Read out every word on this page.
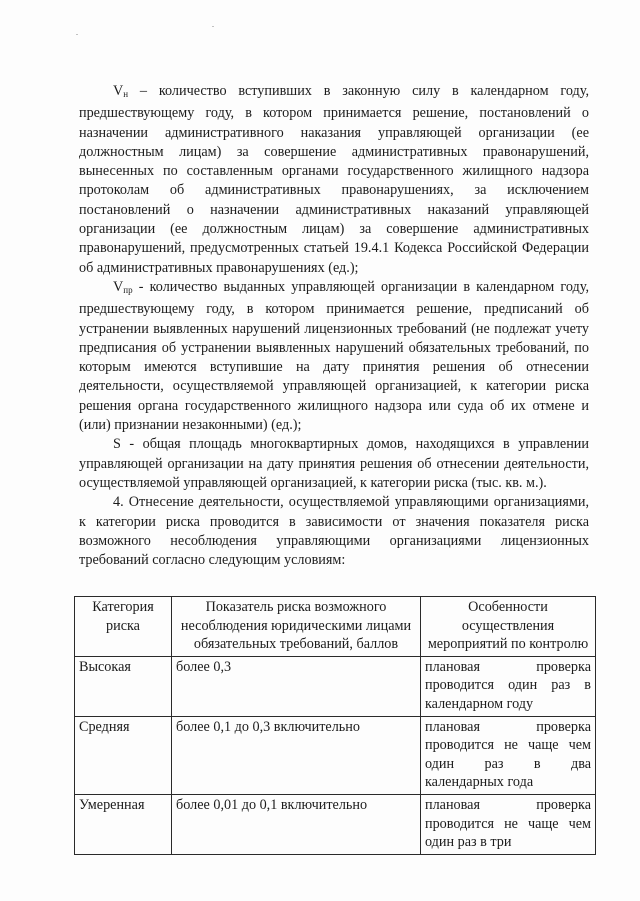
$V_н$ – количество вступивших в законную силу в календарном году, предшествующему году, в котором принимается решение, постановлений о назначении административного наказания управляющей организации (ее должностным лицам) за совершение административных правонарушений, вынесенных по составленным органами государственного жилищного надзора протоколам об административных правонарушениях, за исключением постановлений о назначении административных наказаний управляющей организации (ее должностным лицам) за совершение административных правонарушений, предусмотренных статьей 19.4.1 Кодекса Российской Федерации об административных правонарушениях (ед.);

$V_{пр}$ - количество выданных управляющей организации в календарном году, предшествующему году, в котором принимается решение, предписаний об устранении выявленных нарушений лицензионных требований (не подлежат учету предписания об устранении выявленных нарушений обязательных требований, по которым имеются вступившие на дату принятия решения об отнесении деятельности, осуществляемой управляющей организацией, к категории риска решения органа государственного жилищного надзора или суда об их отмене и (или) признании незаконными) (ед.);

S - общая площадь многоквартирных домов, находящихся в управлении управляющей организации на дату принятия решения об отнесении деятельности, осуществляемой управляющей организацией, к категории риска (тыс. кв. м.).

4. Отнесение деятельности, осуществляемой управляющими организациями, к категории риска проводится в зависимости от значения показателя риска возможного несоблюдения управляющими организациями лицензионных требований согласно следующим условиям:

Категория риска	Показатель риска возможного несоблюдения юридическими лицами обязательных требований, баллов	Особенности осуществления мероприятий по контролю
Высокая	более 0,3	плановая проверка проводится один раз в календарном году
Средняя	более 0,1 до 0,3 включительно	плановая проверка проводится не чаще чем один раз в два календарных года
Умеренная	более 0,01 до 0,1 включительно	плановая проверка проводится не чаще чем один раз в три
